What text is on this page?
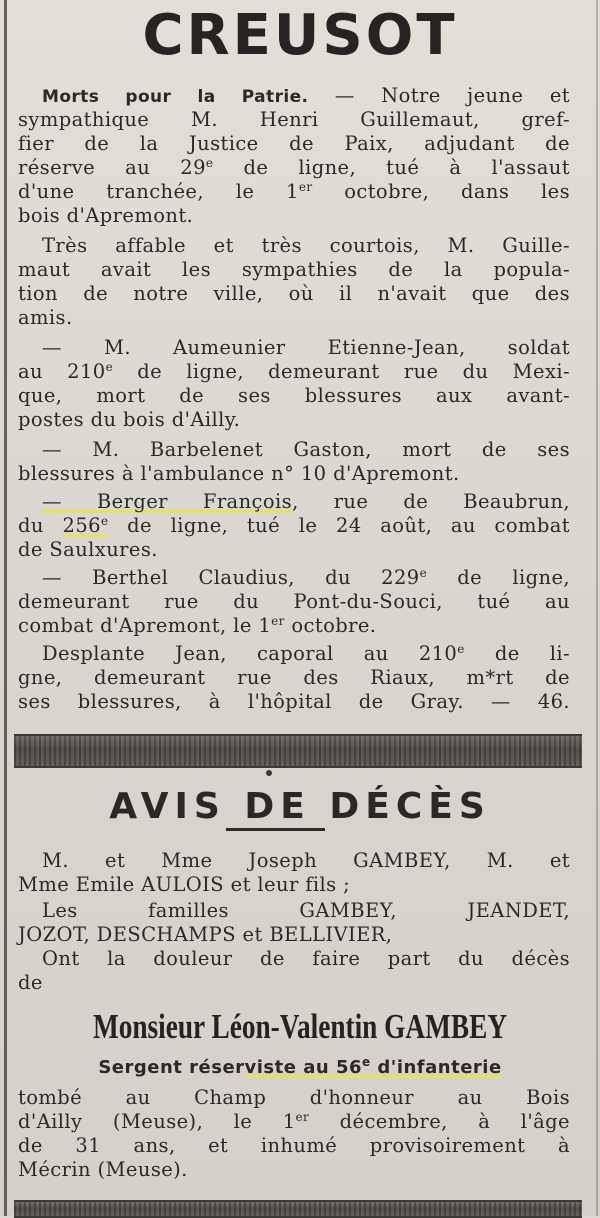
CREUSOT
Morts pour la Patrie. — Notre jeune et
sympathique M. Henri Guillemaut, gref-
fier de la Justice de Paix, adjudant de
réserve au 29e de ligne, tué à l'assaut
d'une tranchée, le 1er octobre, dans les
bois d'Apremont.
Très affable et très courtois, M. Guille-
maut avait les sympathies de la popula-
tion de notre ville, où il n'avait que des
amis.
— M. Aumeunier Etienne-Jean, soldat
au 210e de ligne, demeurant rue du Mexi-
que, mort de ses blessures aux avant-
postes du bois d'Ailly.
— M. Barbelenet Gaston, mort de ses
blessures à l'ambulance n° 10 d'Apremont.
— Berger François, rue de Beaubrun,
du 256e de ligne, tué le 24 août, au combat
de Saulxures.
— Berthel Claudius, du 229e de ligne,
demeurant rue du Pont-du-Souci, tué au
combat d'Apremont, le 1er octobre.
Desplante Jean, caporal au 210e de li-
gne, demeurant rue des Riaux, m*rt de
ses blessures, à l'hôpital de Gray. — 46.
AVIS DE DÉCÈS
M. et Mme Joseph GAMBEY, M. et
Mme Emile AULOIS et leur fils ;
Les familles GAMBEY, JEANDET,
JOZOT, DESCHAMPS et BELLIVIER,
Ont la douleur de faire part du décès
de
Monsieur Léon-Valentin GAMBEY
Sergent réserviste au 56e d'infanterie
tombé au Champ d'honneur au Bois
d'Ailly (Meuse), le 1er décembre, à l'âge
de 31 ans, et inhumé provisoirement à
Mécrin (Meuse).
